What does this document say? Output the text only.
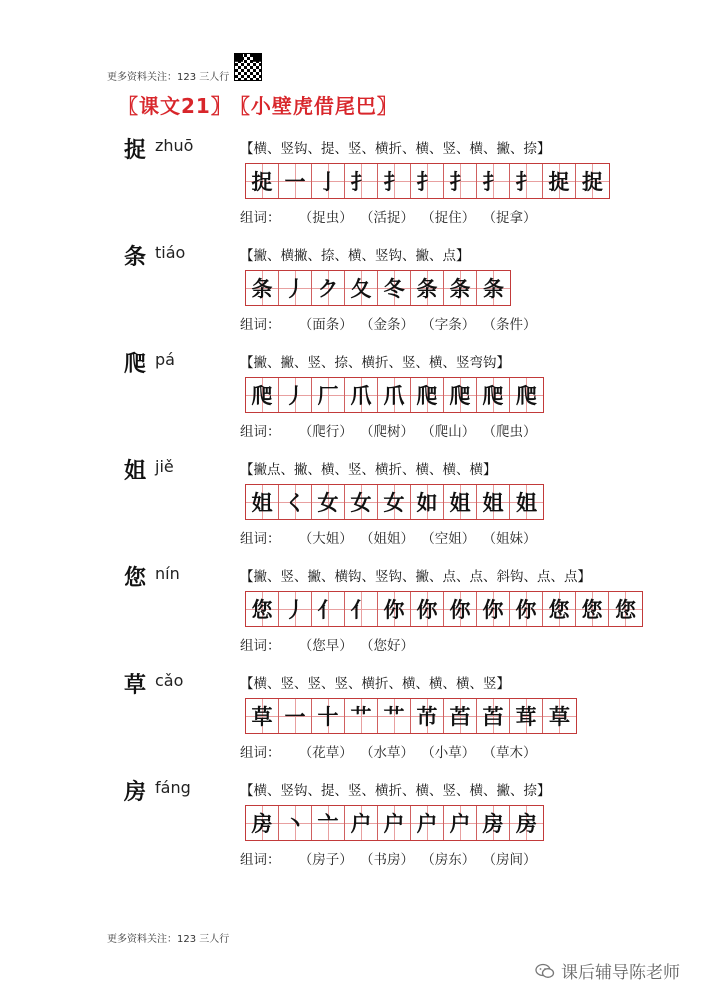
更多资料关注：123 三人行
〖课文21〗 〖小壁虎借尾巴〗
捉 zhuō	【横、竖钩、提、竖、横折、横、竖、横、撇、捺】
捉 一 亅 扌 扌 扌 扌 扌 扌 捉 捉
组词： （捉虫） （活捉） （捉住） （捉拿）
条 tiáo	【撇、横撇、捺、横、竖钩、撇、点】
条 丿 ク 夂 冬 条 条 条
组词： （面条） （金条） （字条） （条件）
爬 pá	【撇、撇、竖、捺、横折、竖、横、竖弯钩】
爬 丿 厂 爪 爪 爬 爬 爬 爬
组词： （爬行） （爬树） （爬山） （爬虫）
姐 jiě	【撇点、撇、横、竖、横折、横、横、横】
姐 く 女 女 女 如 姐 姐 姐
组词： （大姐） （姐姐） （空姐） （姐妹）
您 nín	【撇、竖、撇、横钩、竖钩、撇、点、点、斜钩、点、点】
您 丿 亻 亻 你 你 你 你 你 您 您 您
组词： （您早） （您好）
草 cǎo	【横、竖、竖、竖、横折、横、横、横、竖】
草 一 十 艹 艹 芇 苩 苩 茸 草
组词： （花草） （水草） （小草） （草木）
房 fáng	【横、竖钩、提、竖、横折、横、竖、横、撇、捺】
房 丶 亠 户 户 户 户 房 房
组词： （房子） （书房） （房东） （房间）
更多资料关注：123 三人行
课后辅导陈老师
